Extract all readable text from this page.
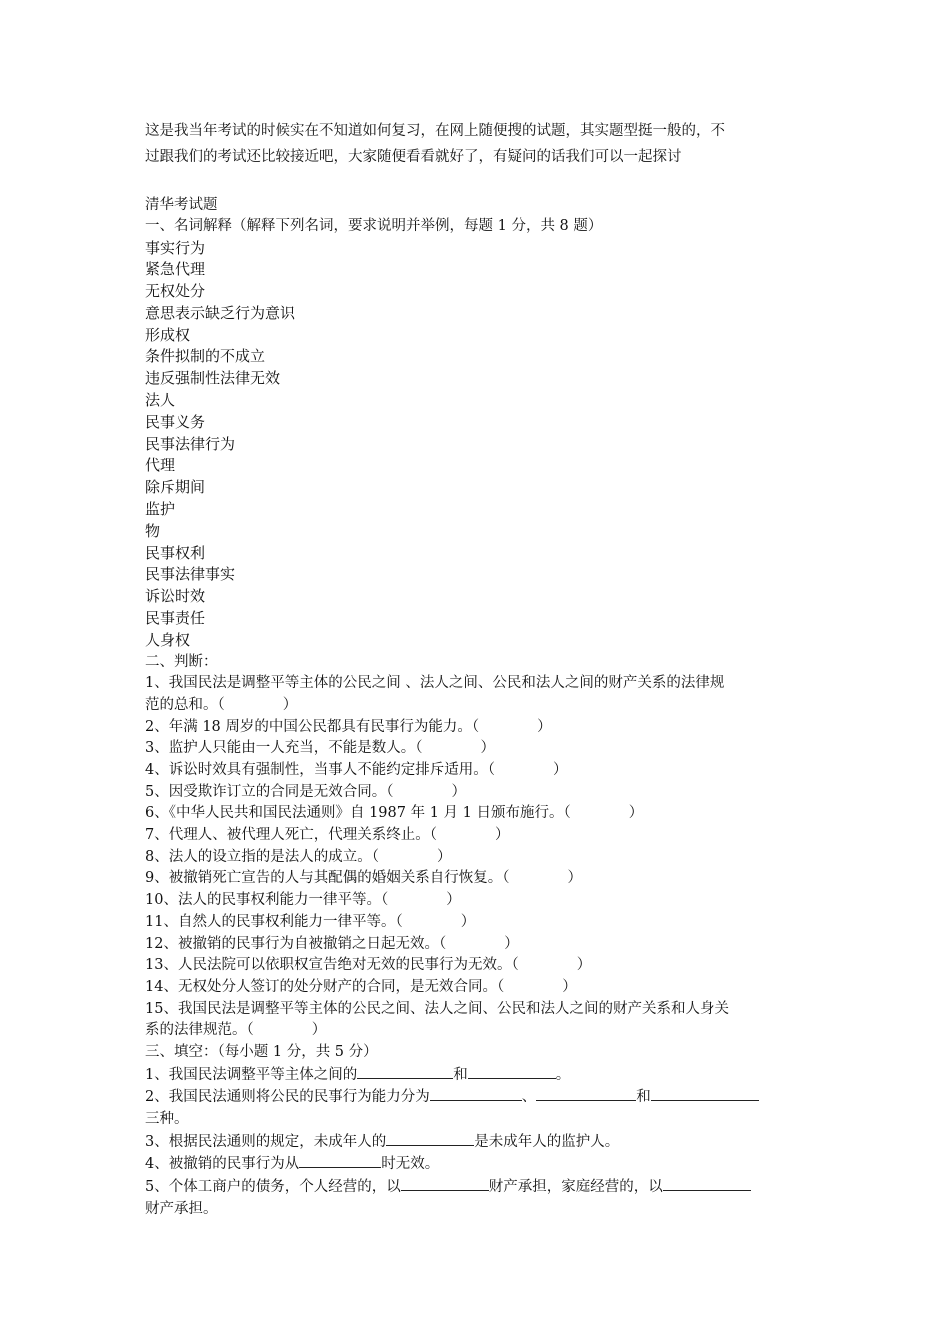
这是我当年考试的时候实在不知道如何复习，在网上随便搜的试题，其实题型挺一般的，不

过跟我们的考试还比较接近吧，大家随便看看就好了，有疑问的话我们可以一起探讨

清华考试题
一、名词解释（解释下列名词，要求说明并举例，每题 1 分，共 8 题）
事实行为
紧急代理
无权处分
意思表示缺乏行为意识
形成权
条件拟制的不成立
违反强制性法律无效
法人
民事义务
民事法律行为
代理
除斥期间
监护
物
民事权利
民事法律事实
诉讼时效
民事责任
人身权
二、判断：
1、我国民法是调整平等主体的公民之间 、法人之间、公民和法人之间的财产关系的法律规
范的总和。（	）
2、年满 18 周岁的中国公民都具有民事行为能力。（	）
3、监护人只能由一人充当，不能是数人。（	）
4、诉讼时效具有强制性，当事人不能约定排斥适用。（	）
5、因受欺诈订立的合同是无效合同。（	）
6、《中华人民共和国民法通则》自 1987 年 1 月 1 日颁布施行。（	）
7、代理人、被代理人死亡，代理关系终止。（	）
8、法人的设立指的是法人的成立。（	）
9、被撤销死亡宣告的人与其配偶的婚姻关系自行恢复。（	）
10、法人的民事权利能力一律平等。（	）
11、自然人的民事权利能力一律平等。（	）
12、被撤销的民事行为自被撤销之日起无效。（	）
13、人民法院可以依职权宣告绝对无效的民事行为无效。（	）
14、无权处分人签订的处分财产的合同，是无效合同。（	）
15、我国民法是调整平等主体的公民之间、法人之间、公民和法人之间的财产关系和人身关
系的法律规范。（	）
三、填空：（每小题 1 分，共 5 分）
1、我国民法调整平等主体之间的	和	。
2、我国民法通则将公民的民事行为能力分为	、	和
三种。
3、根据民法通则的规定，未成年人的	是未成年人的监护人。
4、被撤销的民事行为从	时无效。
5、个体工商户的债务，个人经营的，以	财产承担，家庭经营的，以
财产承担。
